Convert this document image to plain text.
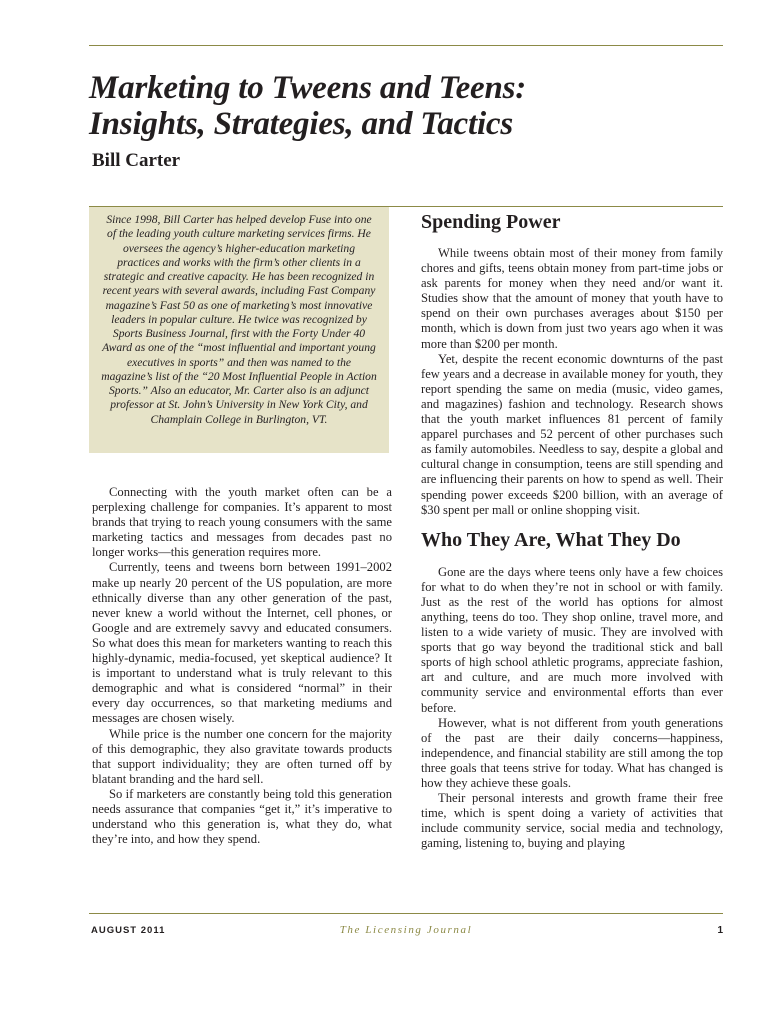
Marketing to Tweens and Teens:
Insights, Strategies, and Tactics
Bill Carter
Since 1998, Bill Carter has helped develop Fuse into one of the leading youth culture marketing services firms. He oversees the agency’s higher-education marketing practices and works with the firm’s other clients in a strategic and creative capacity. He has been recognized in recent years with several awards, including Fast Company magazine’s Fast 50 as one of marketing’s most innovative leaders in popular culture. He twice was recognized by Sports Business Journal, first with the Forty Under 40 Award as one of the “most influential and important young executives in sports” and then was named to the magazine’s list of the “20 Most Influential People in Action Sports.” Also an educator, Mr. Carter also is an adjunct professor at St. John’s University in New York City, and Champlain College in Burlington, VT.

Connecting with the youth market often can be a perplexing challenge for companies. It’s apparent to most brands that trying to reach young consumers with the same marketing tactics and messages from decades past no longer works—this generation requires more.

Currently, teens and tweens born between 1991–2002 make up nearly 20 percent of the US population, are more ethnically diverse than any other generation of the past, never knew a world without the Internet, cell phones, or Google and are extremely savvy and educated consumers. So what does this mean for marketers wanting to reach this highly-dynamic, media-focused, yet skeptical audience? It is important to understand what is truly relevant to this demographic and what is considered “normal” in their every day occurrences, so that marketing mediums and messages are chosen wisely.

While price is the number one concern for the majority of this demographic, they also gravitate towards products that support individuality; they are often turned off by blatant branding and the hard sell.

So if marketers are constantly being told this generation needs assurance that companies “get it,” it’s imperative to understand who this generation is, what they do, what they’re into, and how they spend.

Spending Power

While tweens obtain most of their money from family chores and gifts, teens obtain money from part-time jobs or ask parents for money when they need and/or want it. Studies show that the amount of money that youth have to spend on their own purchases averages about $150 per month, which is down from just two years ago when it was more than $200 per month.

Yet, despite the recent economic downturns of the past few years and a decrease in available money for youth, they report spending the same on media (music, video games, and magazines) fashion and technology. Research shows that the youth market influences 81 percent of family apparel purchases and 52 percent of other purchases such as family automobiles. Needless to say, despite a global and cultural change in consumption, teens are still spending and are influencing their parents on how to spend as well. Their spending power exceeds $200 billion, with an average of $30 spent per mall or online shopping visit.

Who They Are, What They Do

Gone are the days where teens only have a few choices for what to do when they’re not in school or with family. Just as the rest of the world has options for almost anything, teens do too. They shop online, travel more, and listen to a wide variety of music. They are involved with sports that go way beyond the traditional stick and ball sports of high school athletic programs, appreciate fashion, art and culture, and are much more involved with community service and environmental efforts than ever before.

However, what is not different from youth generations of the past are their daily concerns—happiness, independence, and financial stability are still among the top three goals that teens strive for today. What has changed is how they achieve these goals.

Their personal interests and growth frame their free time, which is spent doing a variety of activities that include community service, social media and technology, gaming, listening to, buying and playing

AUGUST 2011	The Licensing Journal	1
